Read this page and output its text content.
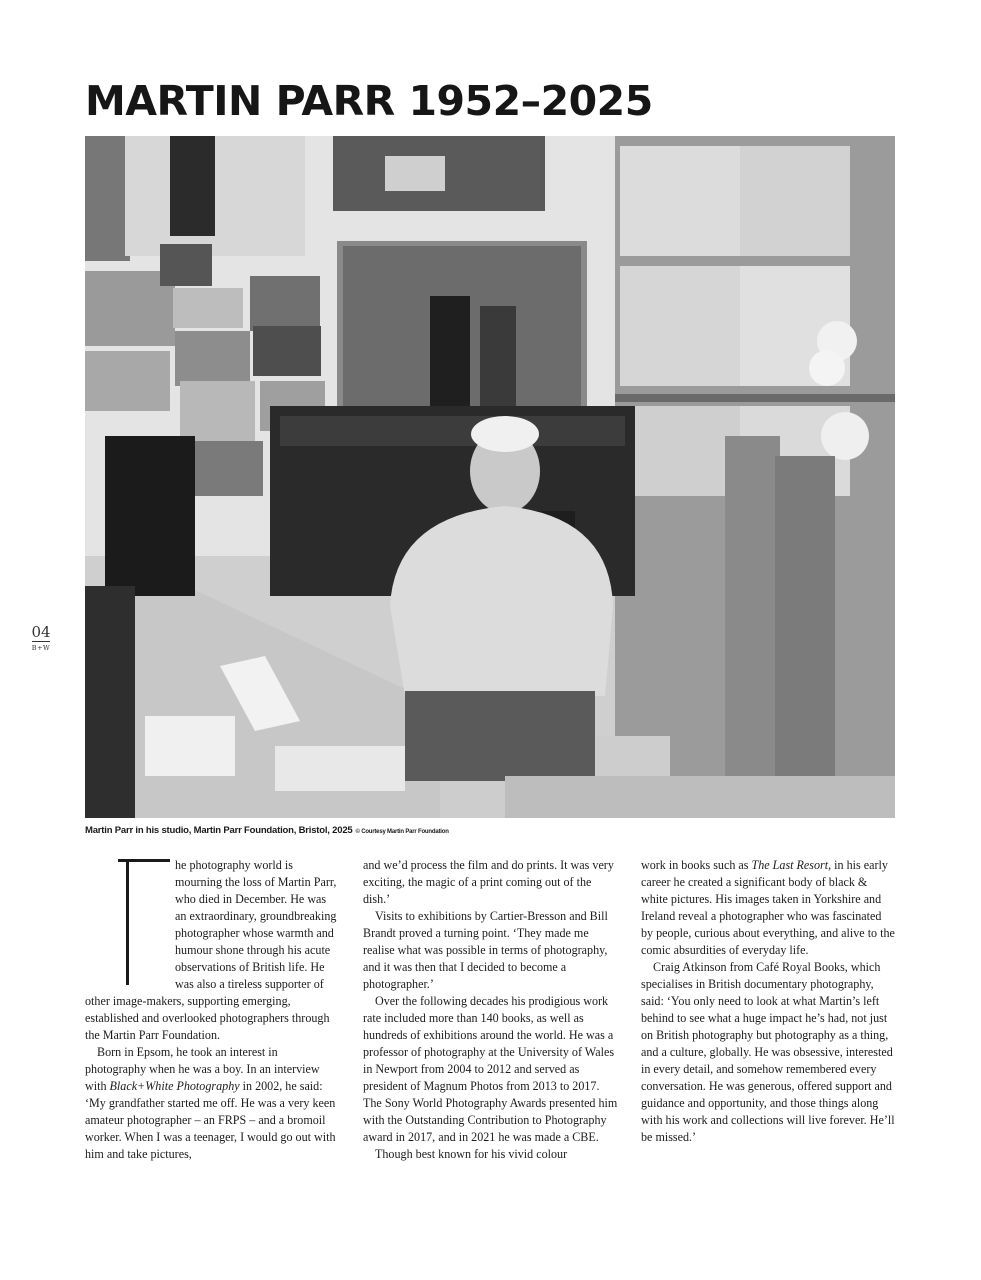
MARTIN PARR 1952–2025
Martin Parr in his studio, Martin Parr Foundation, Bristol, 2025 © Courtesy Martin Parr Foundation
04
B+W

he photography world is mourning the loss of Martin Parr, who died in December. He was an extraordinary, groundbreaking photographer whose warmth and humour shone through his acute observations of British life. He was also a tireless supporter of other image-makers, supporting emerging, established and overlooked photographers through the Martin Parr Foundation.

Born in Epsom, he took an interest in photography when he was a boy. In an interview with Black+White Photography in 2002, he said: ‘My grandfather started me off. He was a very keen amateur photographer – an FRPS – and a bromoil worker. When I was a teenager, I would go out with him and take pictures,

and we’d process the film and do prints. It was very exciting, the magic of a print coming out of the dish.’

Visits to exhibitions by Cartier-Bresson and Bill Brandt proved a turning point. ‘They made me realise what was possible in terms of photography, and it was then that I decided to become a photographer.’

Over the following decades his prodigious work rate included more than 140 books, as well as hundreds of exhibitions around the world. He was a professor of photography at the University of Wales in Newport from 2004 to 2012 and served as president of Magnum Photos from 2013 to 2017. The Sony World Photography Awards presented him with the Outstanding Contribution to Photography award in 2017, and in 2021 he was made a CBE.

Though best known for his vivid colour

work in books such as The Last Resort, in his early career he created a significant body of black & white pictures. His images taken in Yorkshire and Ireland reveal a photographer who was fascinated by people, curious about everything, and alive to the comic absurdities of everyday life.

Craig Atkinson from Café Royal Books, which specialises in British documentary photography, said: ‘You only need to look at what Martin’s left behind to see what a huge impact he’s had, not just on British photography but photography as a thing, and a culture, globally. He was obsessive, interested in every detail, and somehow remembered every conversation. He was generous, offered support and guidance and opportunity, and those things along with his work and collections will live forever. He’ll be missed.’
